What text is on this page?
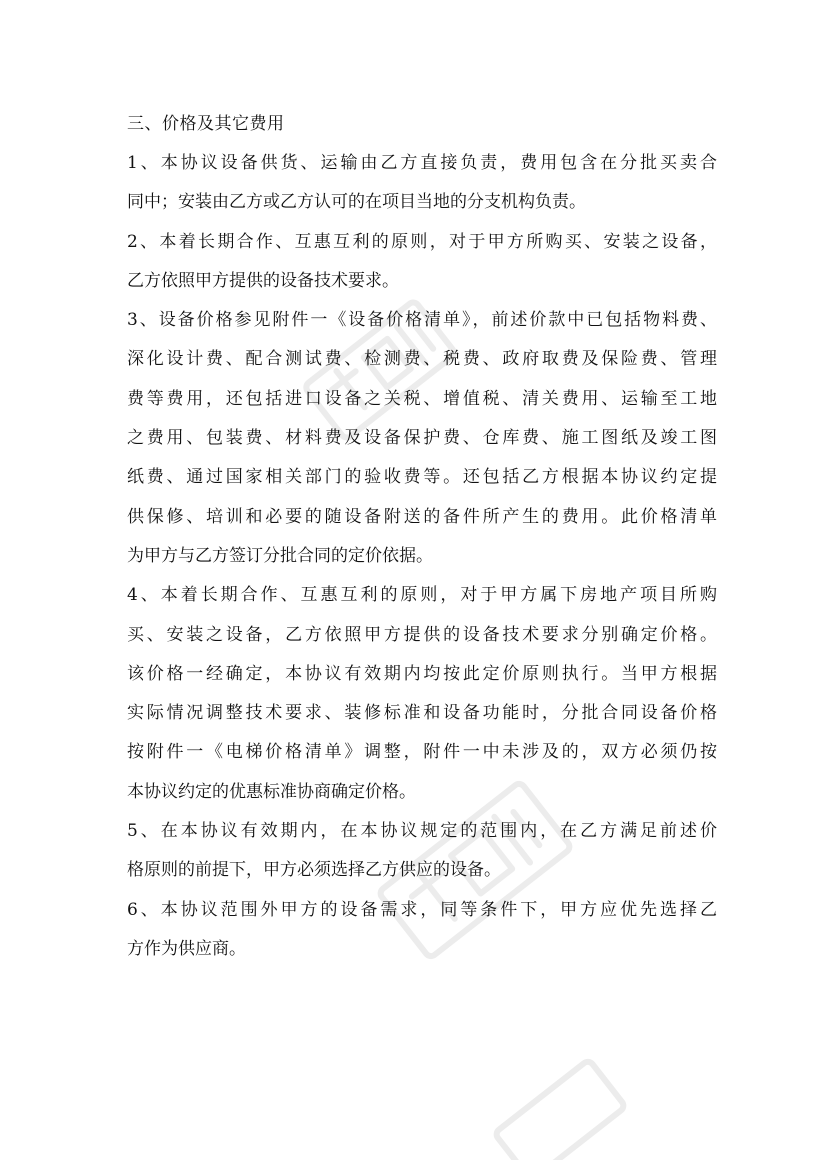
三、价格及其它费用

1、本协议设备供货、运输由乙方直接负责，费用包含在分批买卖合
同中；安装由乙方或乙方认可的在项目当地的分支机构负责。

2、本着长期合作、互惠互利的原则，对于甲方所购买、安装之设备，
乙方依照甲方提供的设备技术要求。

3、设备价格参见附件一《设备价格清单》，前述价款中已包括物料费、
深化设计费、配合测试费、检测费、税费、政府取费及保险费、管理
费等费用，还包括进口设备之关税、增值税、清关费用、运输至工地
之费用、包装费、材料费及设备保护费、仓库费、施工图纸及竣工图
纸费、通过国家相关部门的验收费等。还包括乙方根据本协议约定提
供保修、培训和必要的随设备附送的备件所产生的费用。此价格清单
为甲方与乙方签订分批合同的定价依据。

4、本着长期合作、互惠互利的原则，对于甲方属下房地产项目所购
买、安装之设备，乙方依照甲方提供的设备技术要求分别确定价格。
该价格一经确定，本协议有效期内均按此定价原则执行。当甲方根据
实际情况调整技术要求、装修标准和设备功能时，分批合同设备价格
按附件一《电梯价格清单》调整，附件一中未涉及的，双方必须仍按
本协议约定的优惠标准协商确定价格。

5、在本协议有效期内，在本协议规定的范围内，在乙方满足前述价
格原则的前提下，甲方必须选择乙方供应的设备。

6、本协议范围外甲方的设备需求，同等条件下，甲方应优先选择乙
方作为供应商。
